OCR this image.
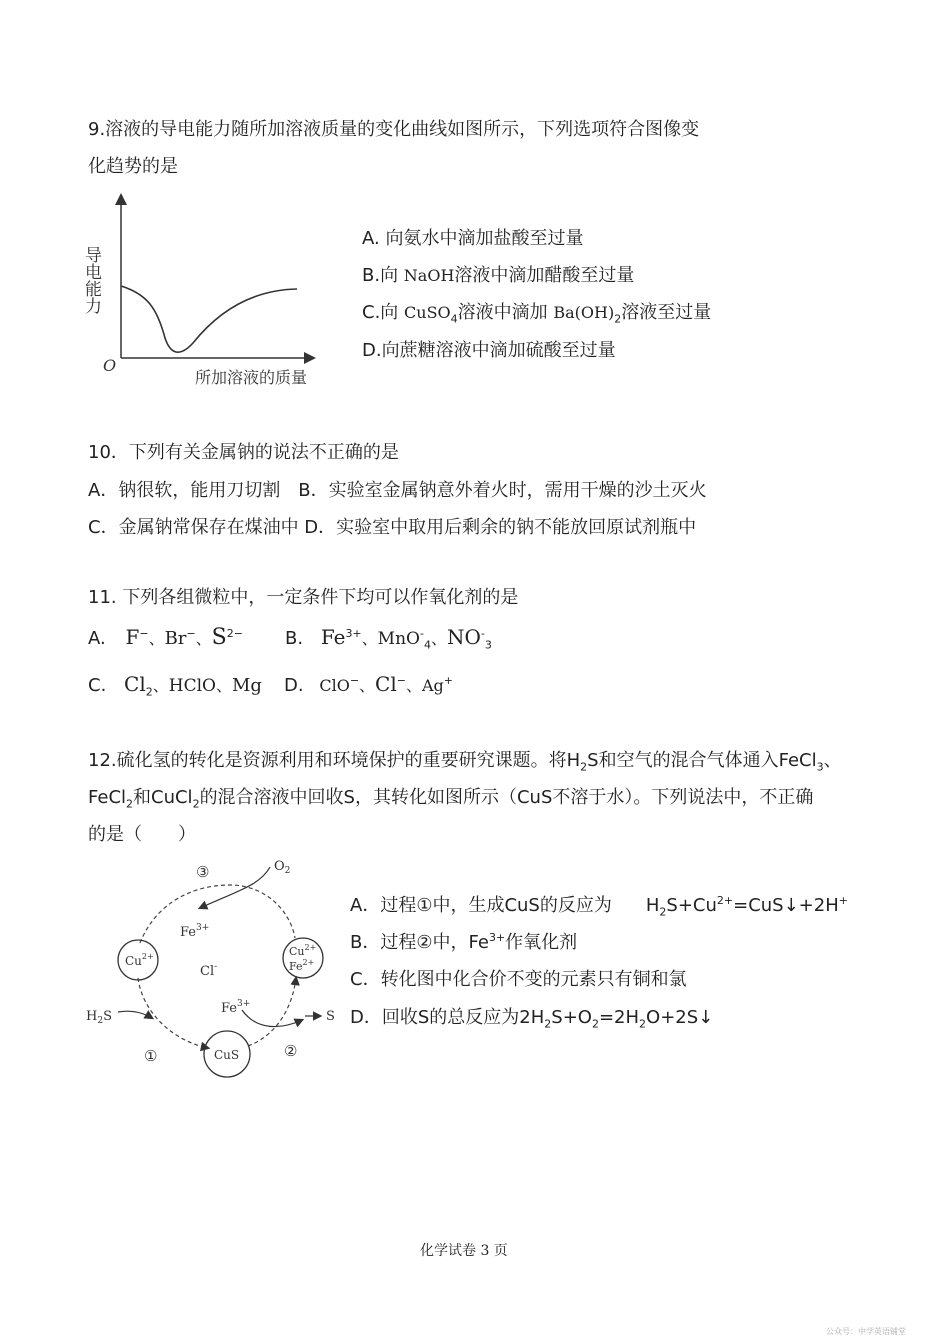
9.溶液的导电能力随所加溶液质量的变化曲线如图所示，下列选项符合图像变
化趋势的是
导电能力
O
所加溶液的质量
A. 向氨水中滴加盐酸至过量
B.向 NaOH溶液中滴加醋酸至过量
C.向 CuSO$_4$溶液中滴加 $Ba(OH)_2$溶液至过量
D.向蔗糖溶液中滴加硫酸至过量
10．下列有关金属钠的说法不正确的是
A．钠很软，能用刀切割　B．实验室金属钠意外着火时，需用干燥的沙土灭火
C．金属钠常保存在煤油中 D．实验室中取用后剩余的钠不能放回原试剂瓶中
11. 下列各组微粒中，一定条件下均可以作氧化剂的是
A. F−、Br−、$S^{2-}$ B. $Fe^{3+}$、MnO-$_4$、$NO^-_3$
C. $Cl_2$、HClO、Mg D. ClO−、Cl−、Ag+
12.硫化氢的转化是资源利用和环境保护的重要研究课题。将$H_2S$和空气的混合气体通入FeCl$_3$、
FeCl$_2$和CuCl$_2$的混合溶液中回收S，其转化如图所示（CuS不溶于水）。下列说法中，不正确
的是（　　）
③	$O_2$
$Fe^{3+}$
$Cu^{2+}$
Cl-
$Cu^{2+}$
$Fe^{2+}$
$H_2S$
$Fe^{3+}$
S
CuS
①	②
A．过程①中，生成CuS的反应为 $H_2S+Cu^{2+}=CuS↓+2H^+$
B．过程②中，$Fe^{3+}$作氧化剂
C．转化图中化合价不变的元素只有铜和氯
D．回收S的总反应为$2H_2S+O_2=2H_2O+2S↓$
化学试卷 3 页
公众号：中学英语铺堂
